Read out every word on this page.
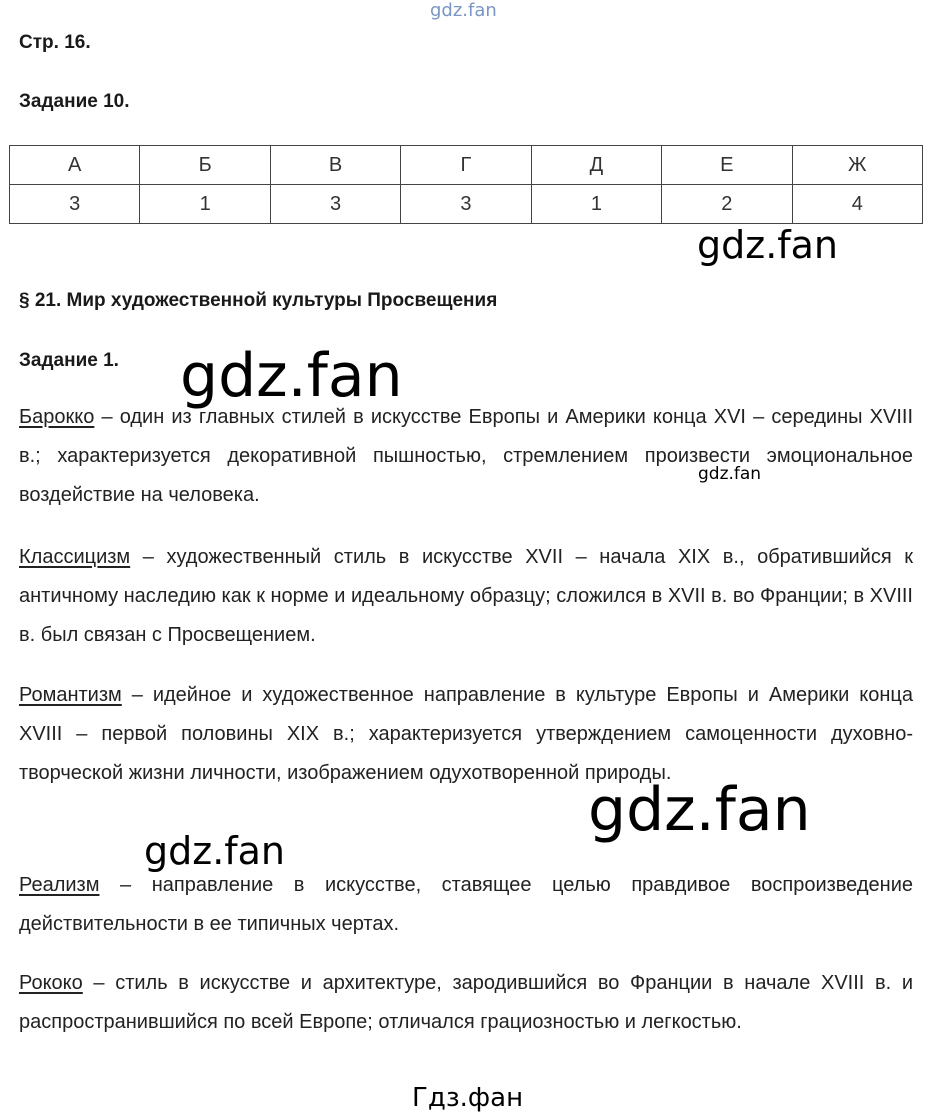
gdz.fan
gdz.fan
gdz.fan
gdz.fan
gdz.fan
gdz.fan
Гдз.фан
Стр. 16.
Задание 10.
А	Б	В	Г	Д	Е	Ж
3	1	3	3	1	2	4
§ 21. Мир художественной культуры Просвещения
Задание 1.

Барокко – один из главных стилей в искусстве Европы и Америки конца XVI – середины XVIII в.; характеризуется декоративной пышностью, стремлением произвести эмоциональное воздействие на человека.

Классицизм – художественный стиль в искусстве XVII – начала XIX в., обратившийся к античному наследию как к норме и идеальному образцу; сложился в XVII в. во Франции; в XVIII в. был связан с Просвещением.

Романтизм – идейное и художественное направление в культуре Европы и Америки конца XVIII – первой половины XIX в.; характеризуется утверждением самоценности духовно-творческой жизни личности, изображением одухотворенной природы.

Реализм – направление в искусстве, ставящее целью правдивое воспроизведение действительности в ее типичных чертах.

Рококо – стиль в искусстве и архитектуре, зародившийся во Франции в начале XVIII в. и распространившийся по всей Европе; отличался грациозностью и легкостью.
